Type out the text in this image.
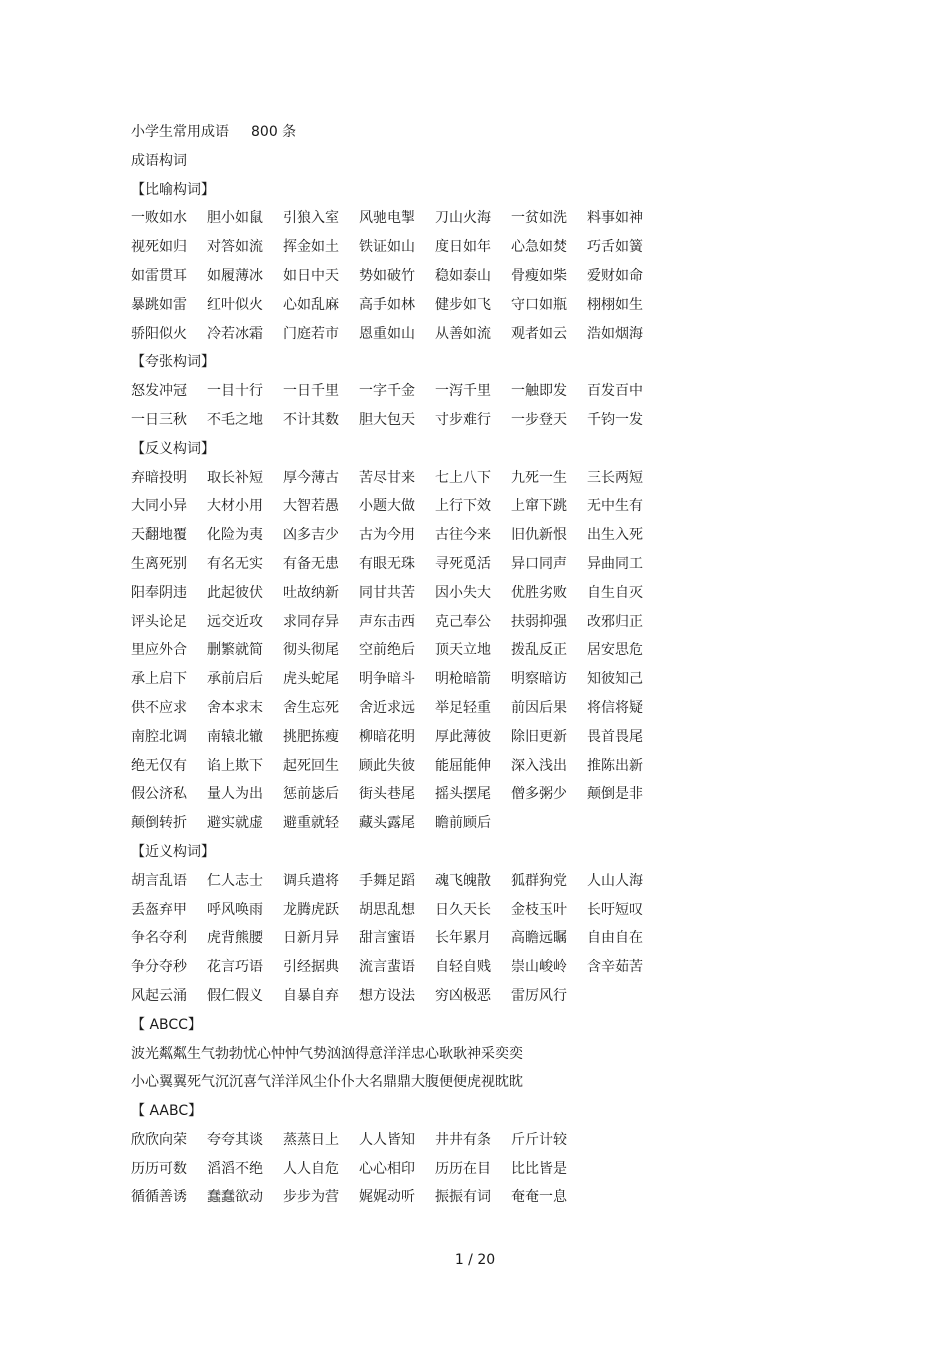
小学生常用成语 800 条
成语构词
【比喻构词】
一败如水	胆小如鼠	引狼入室	风驰电掣	刀山火海	一贫如洗	料事如神
视死如归	对答如流	挥金如土	铁证如山	度日如年	心急如焚	巧舌如簧
如雷贯耳	如履薄冰	如日中天	势如破竹	稳如泰山	骨瘦如柴	爱财如命
暴跳如雷	红叶似火	心如乱麻	高手如林	健步如飞	守口如瓶	栩栩如生
骄阳似火	冷若冰霜	门庭若市	恩重如山	从善如流	观者如云	浩如烟海
【夸张构词】
怒发冲冠	一目十行	一日千里	一字千金	一泻千里	一触即发	百发百中
一日三秋	不毛之地	不计其数	胆大包天	寸步难行	一步登天	千钧一发
【反义构词】
弃暗投明	取长补短	厚今薄古	苦尽甘来	七上八下	九死一生	三长两短
大同小异	大材小用	大智若愚	小题大做	上行下效	上窜下跳	无中生有
天翻地覆	化险为夷	凶多吉少	古为今用	古往今来	旧仇新恨	出生入死
生离死别	有名无实	有备无患	有眼无珠	寻死觅活	异口同声	异曲同工
阳奉阴违	此起彼伏	吐故纳新	同甘共苦	因小失大	优胜劣败	自生自灭
评头论足	远交近攻	求同存异	声东击西	克己奉公	扶弱抑强	改邪归正
里应外合	删繁就简	彻头彻尾	空前绝后	顶天立地	拨乱反正	居安思危
承上启下	承前启后	虎头蛇尾	明争暗斗	明枪暗箭	明察暗访	知彼知己
供不应求	舍本求末	舍生忘死	舍近求远	举足轻重	前因后果	将信将疑
南腔北调	南辕北辙	挑肥拣瘦	柳暗花明	厚此薄彼	除旧更新	畏首畏尾
绝无仅有	谄上欺下	起死回生	顾此失彼	能屈能伸	深入浅出	推陈出新
假公济私	量人为出	惩前毖后	街头巷尾	摇头摆尾	僧多粥少	颠倒是非
颠倒转折	避实就虚	避重就轻	藏头露尾	瞻前顾后
【近义构词】
胡言乱语	仁人志士	调兵遣将	手舞足蹈	魂飞魄散	狐群狗党	人山人海
丢盔弃甲	呼风唤雨	龙腾虎跃	胡思乱想	日久天长	金枝玉叶	长吁短叹
争名夺利	虎背熊腰	日新月异	甜言蜜语	长年累月	高瞻远瞩	自由自在
争分夺秒	花言巧语	引经据典	流言蜚语	自轻自贱	崇山峻岭	含辛茹苦
风起云涌	假仁假义	自暴自弃	想方设法	穷凶极恶	雷厉风行
【 ABCC】
波光粼粼生气勃勃忧心忡忡气势汹汹得意洋洋忠心耿耿神采奕奕
小心翼翼死气沉沉喜气洋洋风尘仆仆大名鼎鼎大腹便便虎视眈眈
【 AABC】
欣欣向荣	夸夸其谈	蒸蒸日上	人人皆知	井井有条	斤斤计较
历历可数	滔滔不绝	人人自危	心心相印	历历在目	比比皆是
循循善诱	蠢蠢欲动	步步为营	娓娓动听	振振有词	奄奄一息
1 / 20
